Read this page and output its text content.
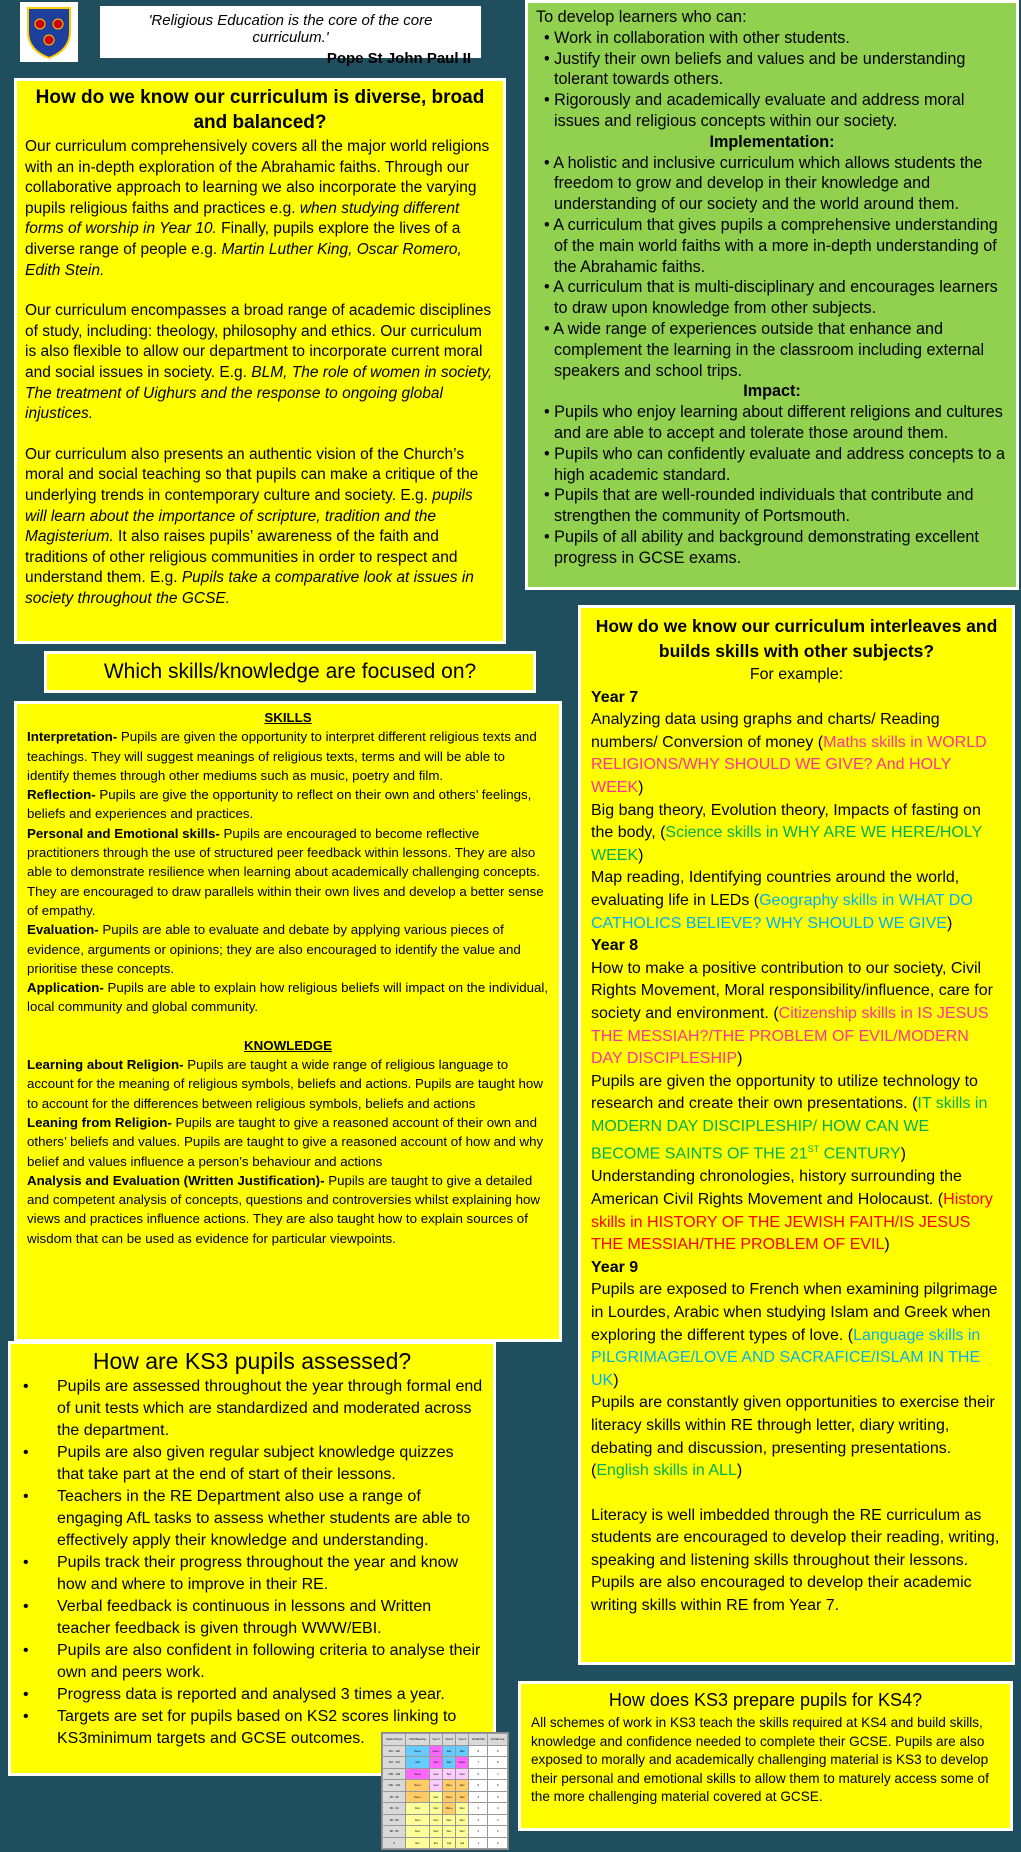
'Religious Education is the core of the core curriculum.'

Pope St John Paul II

To develop learners who can:

• Work in collaboration with other students.

• Justify their own beliefs and values and be understanding tolerant towards others.

• Rigorously and academically evaluate and address moral issues and religious concepts within our society.

Implementation:

• A holistic and inclusive curriculum which allows students the freedom to grow and develop in their knowledge and understanding of our society and the world around them.

• A curriculum that gives pupils a comprehensive understanding of the main world faiths with a more in-depth understanding of the Abrahamic faiths.

• A curriculum that is multi-disciplinary and encourages learners to draw upon knowledge from other subjects.

• A wide range of experiences outside that enhance and complement the learning in the classroom including external speakers and school trips.

Impact:

• Pupils who enjoy learning about different religions and cultures and are able to accept and tolerate those around them.

• Pupils who can confidently evaluate and address concepts to a high academic standard.

• Pupils that are well-rounded individuals that contribute and strengthen the community of Portsmouth.

• Pupils of all ability and background demonstrating excellent progress in GCSE exams.

How do we know our curriculum is diverse, broad and balanced?

Our curriculum comprehensively covers all the major world religions with an in-depth exploration of the Abrahamic faiths. Through our collaborative approach to learning we also incorporate the varying pupils religious faiths and practices e.g. when studying different forms of worship in Year 10. Finally, pupils explore the lives of a diverse range of people e.g. Martin Luther King, Oscar Romero, Edith Stein.

Our curriculum encompasses a broad range of academic disciplines of study, including: theology, philosophy and ethics. Our curriculum is also flexible to allow our department to incorporate current moral and social issues in society. E.g. BLM, The role of women in society, The treatment of Uighurs and the response to ongoing global injustices.

Our curriculum also presents an authentic vision of the Church’s moral and social teaching so that pupils can make a critique of the underlying trends in contemporary culture and society. E.g. pupils will learn about the importance of scripture, tradition and the Magisterium. It also raises pupils’ awareness of the faith and traditions of other religious communities in order to respect and understand them. E.g. Pupils take a comparative look at issues in society throughout the GCSE.

Which skills/knowledge are focused on?

SKILLS

Interpretation- Pupils are given the opportunity to interpret different religious texts and teachings. They will suggest meanings of religious texts, terms and will be able to identify themes through other mediums such as music, poetry and film.

Reflection- Pupils are give the opportunity to reflect on their own and others’ feelings, beliefs and experiences and practices.

Personal and Emotional skills- Pupils are encouraged to become reflective practitioners through the use of structured peer feedback within lessons. They are also able to demonstrate resilience when learning about academically challenging concepts. They are encouraged to draw parallels within their own lives and develop a better sense of empathy.

Evaluation- Pupils are able to evaluate and debate by applying various pieces of evidence, arguments or opinions; they are also encouraged to identify the value and prioritise these concepts.

Application- Pupils are able to explain how religious beliefs will impact on the individual, local community and global community.

KNOWLEDGE

Learning about Religion- Pupils are taught a wide range of religious language to account for the meaning of religious symbols, beliefs and actions. Pupils are taught how to account for the differences between religious symbols, beliefs and actions

Leaning from Religion- Pupils are taught to give a reasoned account of their own and others’ beliefs and values. Pupils are taught to give a reasoned account of how and why belief and values influence a person’s behaviour and actions

Analysis and Evaluation (Written Justification)- Pupils are taught to give a detailed and competent analysis of concepts, questions and controversies whilst explaining how views and practices influence actions. They are also taught how to explain sources of wisdom that can be used as evidence for particular viewpoints.

How are KS3 pupils assessed?
• Pupils are assessed throughout the year through formal end of unit tests which are standardized and moderated across the department.
• Pupils are also given regular subject knowledge quizzes that take part at the end of start of their lessons.
• Teachers in the RE Department also use a range of engaging AfL tasks to assess whether students are able to effectively apply their knowledge and understanding.
• Pupils track their progress throughout the year and know how and where to improve in their RE.
• Verbal feedback is continuous in lessons and Written teacher feedback is given through WWW/EBI.
• Pupils are also confident in following criteria to analyse their own and peers work.
• Progress data is reported and analysed 3 times a year.
• Targets are set for pupils based on KS2 scores linking to KS3minimum targets and GCSE outcomes.

How do we know our curriculum interleaves and builds skills with other subjects?

For example:

Year 7

Analyzing data using graphs and charts/ Reading numbers/ Conversion of money (Maths skills in WORLD RELIGIONS/WHY SHOULD WE GIVE? And HOLY WEEK)

Big bang theory, Evolution theory, Impacts of fasting on the body, (Science skills in WHY ARE WE HERE/HOLY WEEK)

Map reading, Identifying countries around the world, evaluating life in LEDs (Geography skills in WHAT DO CATHOLICS BELIEVE? WHY SHOULD WE GIVE)

Year 8

How to make a positive contribution to our society, Civil Rights Movement, Moral responsibility/influence, care for society and environment. (Citizenship skills in IS JESUS THE MESSIAH?/THE PROBLEM OF EVIL/MODERN DAY DISCIPLESHIP)

Pupils are given the opportunity to utilize technology to research and create their own presentations. (IT skills in MODERN DAY DISCIPLESHIP/ HOW CAN WE BECOME SAINTS OF THE 21ST CENTURY)

Understanding chronologies, history surrounding the American Civil Rights Movement and Holocaust. (History skills in HISTORY OF THE JEWISH FAITH/IS JESUS THE MESSIAH/THE PROBLEM OF EVIL)

Year 9

Pupils are exposed to French when examining pilgrimage in Lourdes, Arabic when studying Islam and Greek when exploring the different types of love. (Language skills in PILGRIMAGE/LOVE AND SACRAFICE/ISLAM IN THE UK)

Pupils are constantly given opportunities to exercise their literacy skills within RE through letter, diary writing, debating and discussion, presenting presentations. (English skills in ALL)

Literacy is well imbedded through the RE curriculum as students are encouraged to develop their reading, writing, speaking and listening skills throughout their lessons. Pupils are also encouraged to develop their academic writing skills within RE from Year 7.

How does KS3 prepare pupils for KS4?

All schemes of work in KS3 teach the skills required at KS4 and build skills, knowledge and confidence needed to complete their GCSE. Pupils are also exposed to morally and academically challenging material is KS3 to develop their personal and emotional skills to allow them to maturely access some of the more challenging material covered at GCSE.

Scaled Score	KS3 Baseline	Year 7	Year 8	Year 9	GCSE Min	GCSE Asp
115 - 120	Gen+	Gen+	Adv	Adv	8	9
110 - 114	Adv	Gen	Adv	Gen+	7	8
105 - 109	Gen+	Gen	Sec	Gen	6	7
100 - 104	Sec+	Gen	Sec+	Sec	5	6
95 - 99	Dev+	Dev	Sec+	Sec	4	5
90 - 94	Dev	Dev	Dev+	Dev	3	4
85 - 89	Dev	Dev	Dev	Dev	2	3
80 - 85	Dev	Dev	Dev	Dev	2	2
0	Em	Em	Apl	Apl	1	2
